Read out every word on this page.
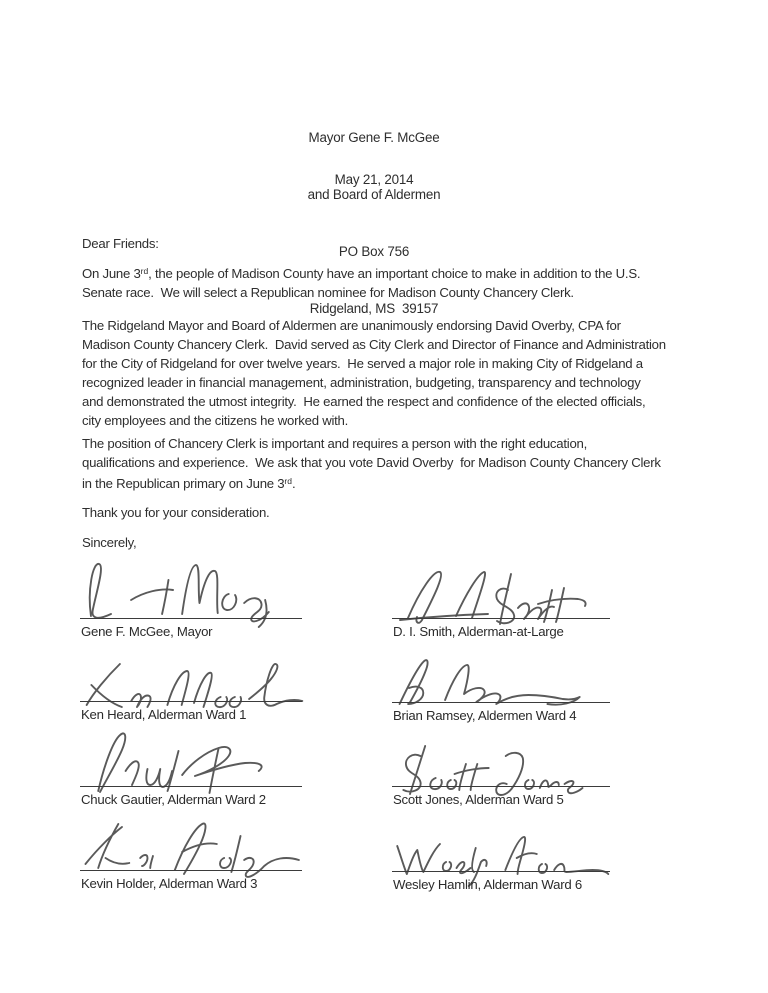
Mayor Gene F. McGee

and Board of Aldermen

PO Box 756

Ridgeland, MS  39157

May 21, 2014
Dear Friends:
On June 3rd, the people of Madison County have an important choice to make in addition to the U.S.
Senate race.  We will select a Republican nominee for Madison County Chancery Clerk.
The Ridgeland Mayor and Board of Aldermen are unanimously endorsing David Overby, CPA for
Madison County Chancery Clerk.  David served as City Clerk and Director of Finance and Administration
for the City of Ridgeland for over twelve years.  He served a major role in making City of Ridgeland a
recognized leader in financial management, administration, budgeting, transparency and technology
and demonstrated the utmost integrity.  He earned the respect and confidence of the elected officials,
city employees and the citizens he worked with.
The position of Chancery Clerk is important and requires a person with the right education,
qualifications and experience.  We ask that you vote David Overby  for Madison County Chancery Clerk
in the Republican primary on June 3rd.
Thank you for your consideration.
Sincerely,
Gene F. McGee, Mayor	D. I. Smith, Alderman-at-Large
Ken Heard, Alderman Ward 1	Brian Ramsey, Aldermen Ward 4
Chuck Gautier, Alderman Ward 2	Scott Jones, Alderman Ward 5
Kevin Holder, Alderman Ward 3	Wesley Hamlin, Alderman Ward 6
